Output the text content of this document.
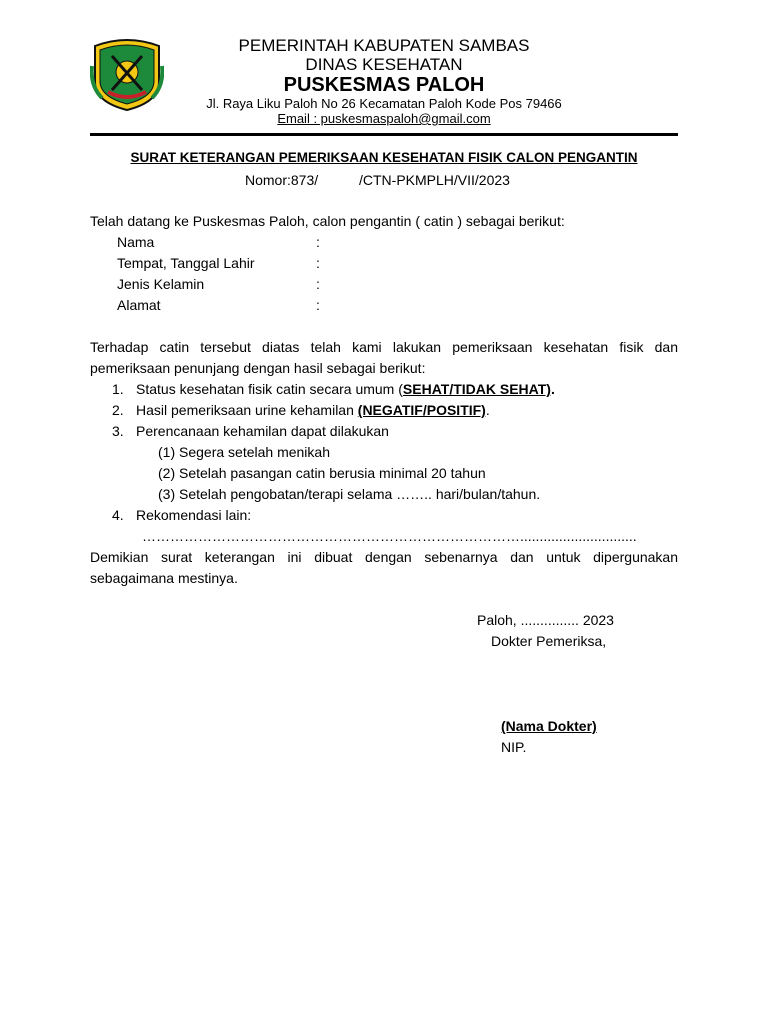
PEMERINTAH KABUPATEN SAMBAS
DINAS KESEHATAN
PUSKESMAS PALOH
Jl. Raya Liku Paloh No 26 Kecamatan Paloh Kode Pos 79466
Email : puskesmaspaloh@gmail.com
SURAT KETERANGAN PEMERIKSAAN KESEHATAN FISIK CALON PENGANTIN
Nomor:873/	/CTN-PKMPLH/VII/2023
Telah datang ke Puskesmas Paloh, calon pengantin ( catin ) sebagai berikut:
Nama	:
Tempat, Tanggal Lahir	:
Jenis Kelamin	:
Alamat	:
Terhadap catin tersebut diatas telah kami lakukan pemeriksaan kesehatan fisik dan
pemeriksaan penunjang dengan hasil sebagai berikut:
1. Status kesehatan fisik catin secara umum (SEHAT/TIDAK SEHAT).
2. Hasil pemeriksaan urine kehamilan (NEGATIF/POSITIF).
3. Perencanaan kehamilan dapat dilakukan
(1) Segera setelah menikah
(2) Setelah pasangan catin berusia minimal 20 tahun
(3) Setelah pengobatan/terapi selama …….. hari/bulan/tahun.
4. Rekomendasi lain:
………………………………………………………………………..............................
Demikian surat keterangan ini dibuat dengan sebenarnya dan untuk dipergunakan
sebagaimana mestinya.
Paloh, ............... 2023
Dokter Pemeriksa,
(Nama Dokter)
NIP.
